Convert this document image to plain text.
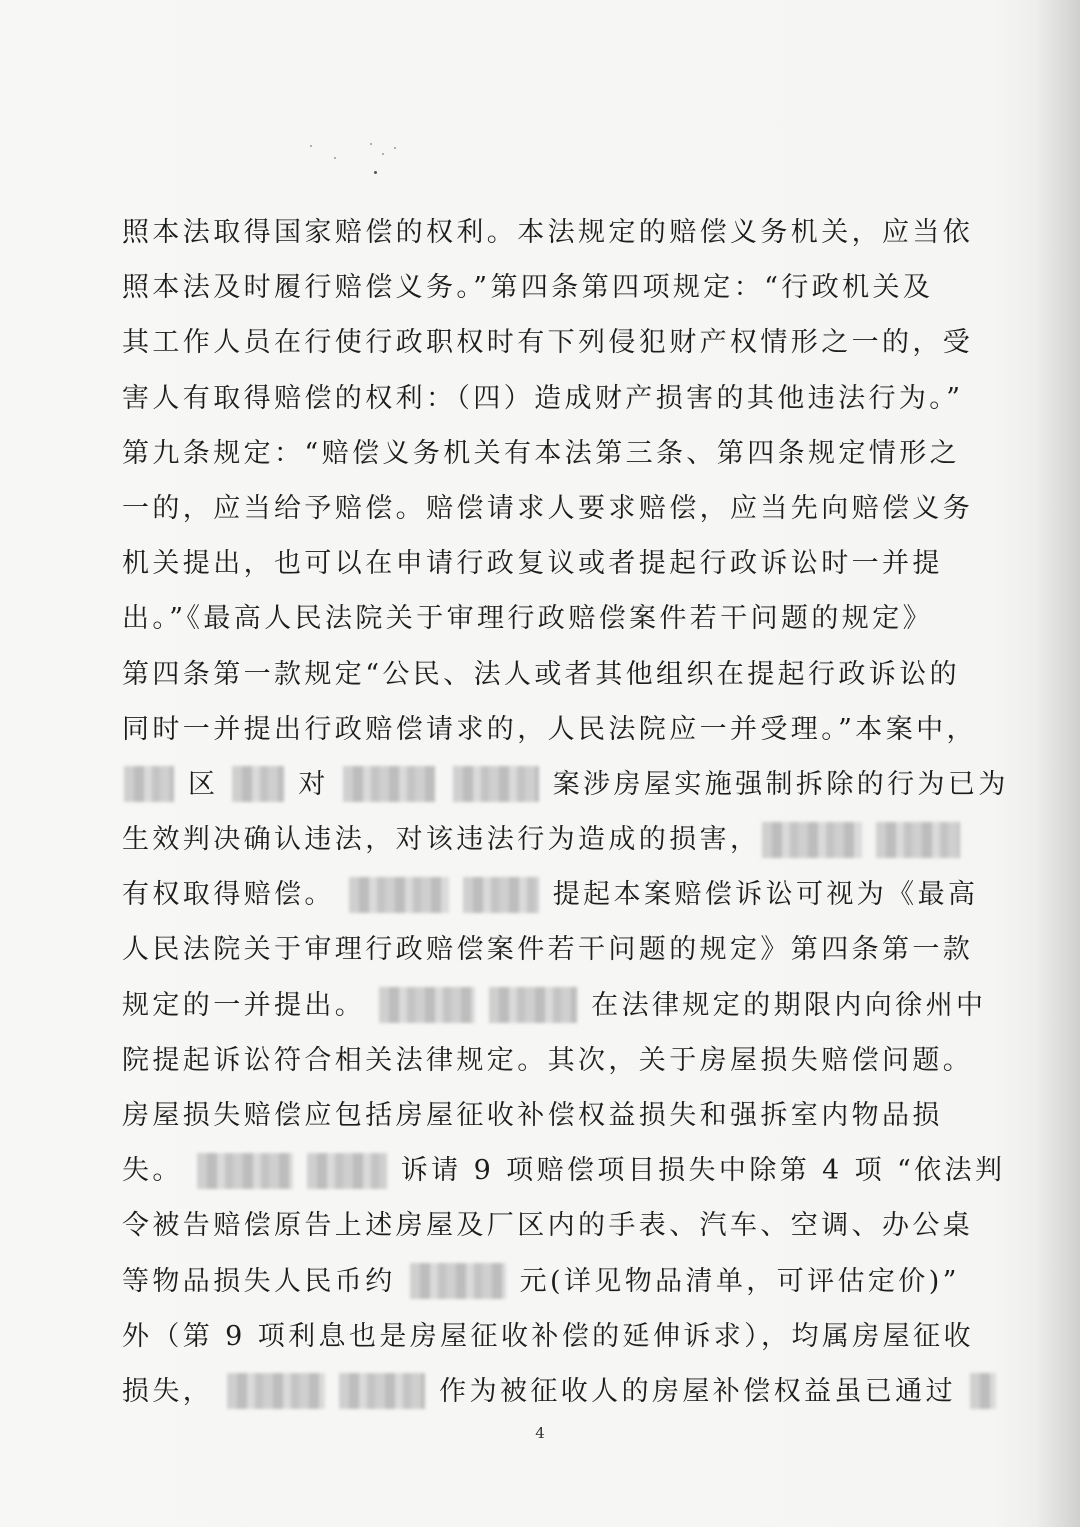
照本法取得国家赔偿的权利。本法规定的赔偿义务机关，应当依
照本法及时履行赔偿义务。”第四条第四项规定：“行政机关及
其工作人员在行使行政职权时有下列侵犯财产权情形之一的，受
害人有取得赔偿的权利：（四）造成财产损害的其他违法行为。”
第九条规定：“赔偿义务机关有本法第三条、第四条规定情形之
一的，应当给予赔偿。赔偿请求人要求赔偿，应当先向赔偿义务
机关提出，也可以在申请行政复议或者提起行政诉讼时一并提
出。”《最高人民法院关于审理行政赔偿案件若干问题的规定》
第四条第一款规定“公民、法人或者其他组织在提起行政诉讼的
同时一并提出行政赔偿请求的，人民法院应一并受理。”本案中，
区	对	案涉房屋实施强制拆除的行为已为
生效判决确认违法，对该违法行为造成的损害，
有权取得赔偿。	提起本案赔偿诉讼可视为《最高
人民法院关于审理行政赔偿案件若干问题的规定》第四条第一款
规定的一并提出。	在法律规定的期限内向徐州中
院提起诉讼符合相关法律规定。其次，关于房屋损失赔偿问题。
房屋损失赔偿应包括房屋征收补偿权益损失和强拆室内物品损
失。	诉请 9 项赔偿项目损失中除第 4 项 “依法判
令被告赔偿原告上述房屋及厂区内的手表、汽车、空调、办公桌
等物品损失人民币约	元(详见物品清单，可评估定价)”
外（第 9 项利息也是房屋征收补偿的延伸诉求），均属房屋征收
损失，	作为被征收人的房屋补偿权益虽已通过
4
